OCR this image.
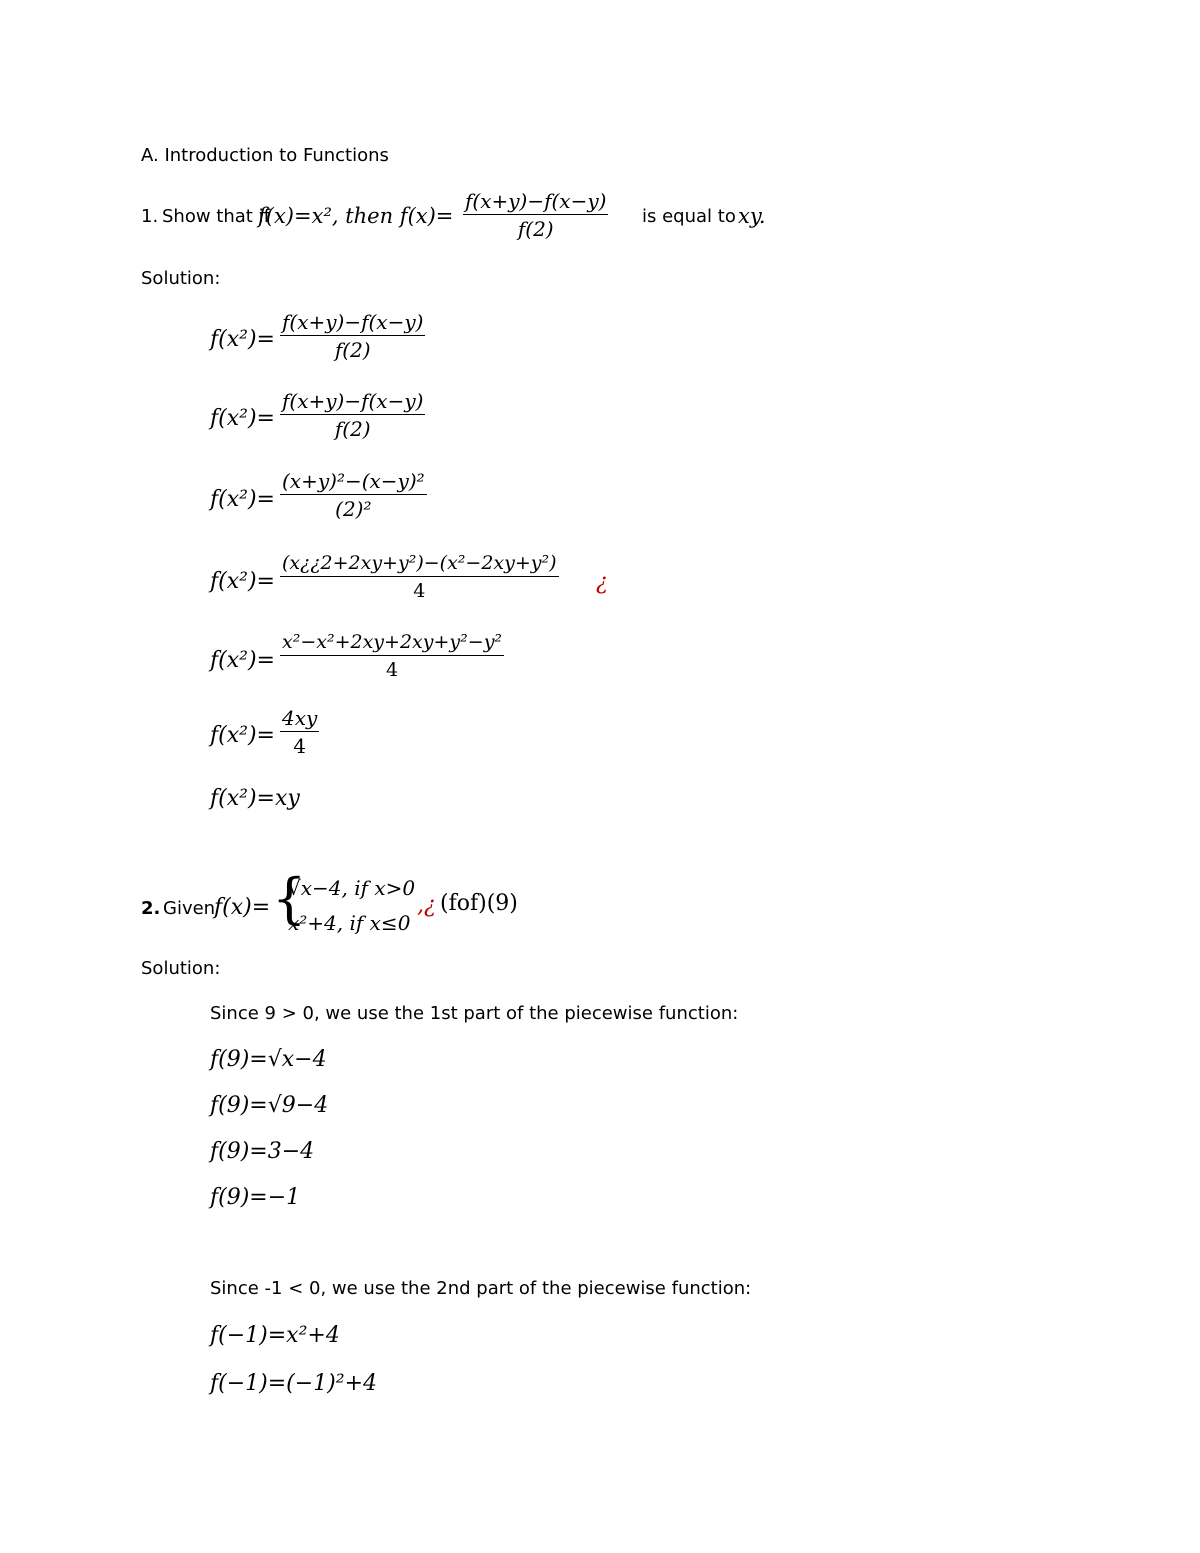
A. Introduction to Functions
1. Show that if
f(x)=x², then $f(x)= \frac{f(x+y)-f(x-y)}{f(2)}$ is equal to xy.
Solution:
$f(x^2)= \frac{f(x+y)-f(x-y)}{f(2)}$
$f(x^2)= \frac{f(x+y)-f(x-y)}{f(2)}$
$f(x^2)= \frac{\text{(x+y)²−(x−y)²}}{\text{(2)²}}$
$f(x^2)= \frac{\text{(x¿¿2+2xy+y²)−(x²−2xy+y²)}}{4}$ ¿
$f(x^2)= \frac{\text{x²−x²+2xy+2xy+y²−y²}}{4}$
$f(x^2)= \frac{4xy}{4}$
f(x²)=xy
2. Given
f(x)= {
√x−4, if x>0
x²+4, if x≤0
,¿ (fof)(9)
Solution:
Since 9 > 0, we use the 1st part of the piecewise function:
f(9)=√x−4
f(9)=√9−4
f(9)=3−4
f(9)=−1
Since -1 < 0, we use the 2nd part of the piecewise function:
f(−1)=x²+4
f(−1)=(−1)²+4
